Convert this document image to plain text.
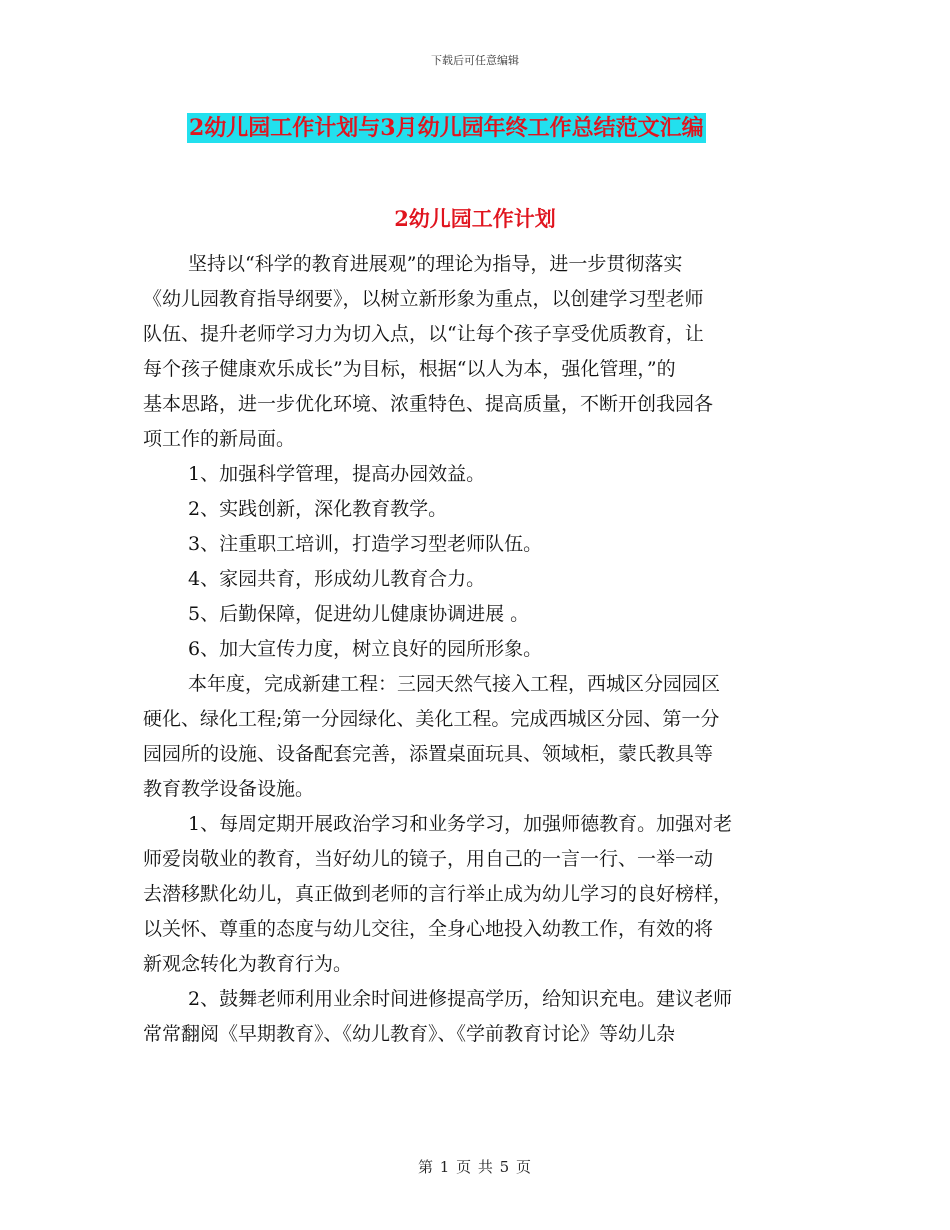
下载后可任意编辑
2幼儿园工作计划与3月幼儿园年终工作总结范文汇编
2幼儿园工作计划
坚持以“科学的教育进展观”的理论为指导，进一步贯彻落实
《幼儿园教育指导纲要》，以树立新形象为重点，以创建学习型老师
队伍、提升老师学习力为切入点，以“让每个孩子享受优质教育，让
每个孩子健康欢乐成长”为目标，根据“以人为本，强化管理，”的
基本思路，进一步优化环境、浓重特色、提高质量，不断开创我园各
项工作的新局面。
1、加强科学管理，提高办园效益。
2、实践创新，深化教育教学。
3、注重职工培训，打造学习型老师队伍。
4、家园共育，形成幼儿教育合力。
5、后勤保障，促进幼儿健康协调进展 。
6、加大宣传力度，树立良好的园所形象。
本年度，完成新建工程：三园天然气接入工程，西城区分园园区
硬化、绿化工程;第一分园绿化、美化工程。完成西城区分园、第一分
园园所的设施、设备配套完善，添置桌面玩具、领域柜，蒙氏教具等
教育教学设备设施。
1、每周定期开展政治学习和业务学习，加强师德教育。加强对老
师爱岗敬业的教育，当好幼儿的镜子，用自己的一言一行、一举一动
去潜移默化幼儿，真正做到老师的言行举止成为幼儿学习的良好榜样，
以关怀、尊重的态度与幼儿交往，全身心地投入幼教工作，有效的将
新观念转化为教育行为。
2、鼓舞老师利用业余时间进修提高学历，给知识充电。建议老师
常常翻阅《早期教育》、《幼儿教育》、《学前教育讨论》等幼儿杂
第 1 页 共 5 页
